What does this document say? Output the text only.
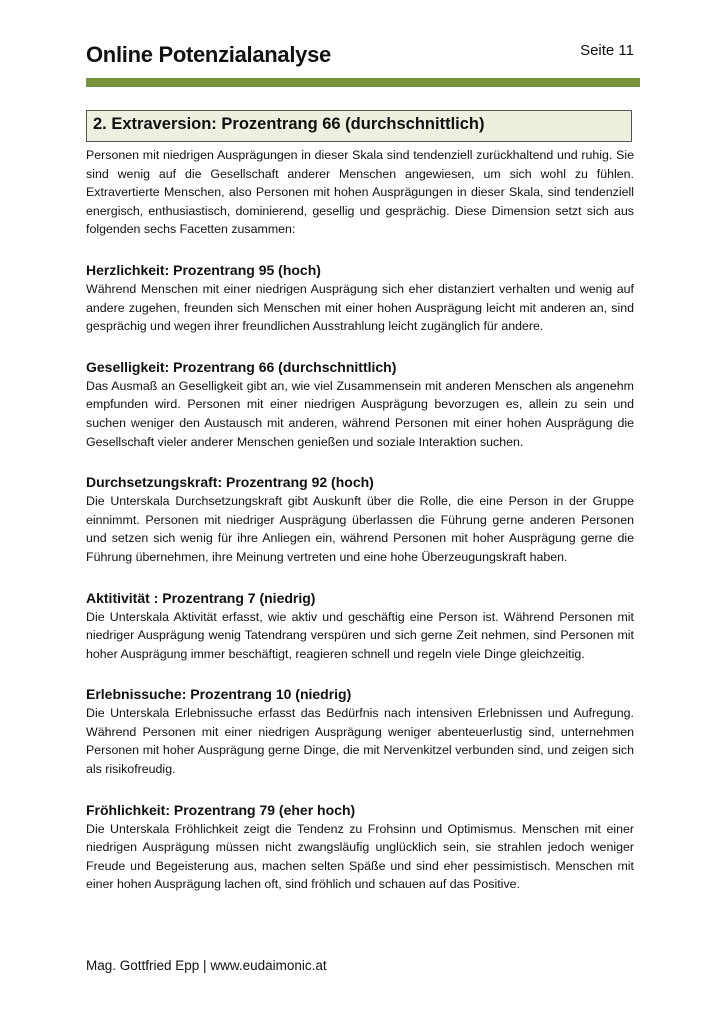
Online Potenzialanalyse	Seite 11
2. Extraversion: Prozentrang 66 (durchschnittlich)

Personen mit niedrigen Ausprägungen in dieser Skala sind tendenziell zurückhaltend und ruhig. Sie sind wenig auf die Gesellschaft anderer Menschen angewiesen, um sich wohl zu fühlen. Extravertierte Menschen, also Personen mit hohen Ausprägungen in dieser Skala, sind tendenziell energisch, enthusiastisch, dominierend, gesellig und gesprächig. Diese Dimension setzt sich aus folgenden sechs Facetten zusammen:

Herzlichkeit: Prozentrang 95 (hoch)

Während Menschen mit einer niedrigen Ausprägung sich eher distanziert verhalten und wenig auf andere zugehen, freunden sich Menschen mit einer hohen Ausprägung leicht mit anderen an, sind gesprächig und wegen ihrer freundlichen Ausstrahlung leicht zugänglich für andere.

Geselligkeit: Prozentrang 66 (durchschnittlich)

Das Ausmaß an Geselligkeit gibt an, wie viel Zusammensein mit anderen Menschen als angenehm empfunden wird. Personen mit einer niedrigen Ausprägung bevorzugen es, allein zu sein und suchen weniger den Austausch mit anderen, während Personen mit einer hohen Ausprägung die Gesellschaft vieler anderer Menschen genießen und soziale Interaktion suchen.

Durchsetzungskraft: Prozentrang 92 (hoch)

Die Unterskala Durchsetzungskraft gibt Auskunft über die Rolle, die eine Person in der Gruppe einnimmt. Personen mit niedriger Ausprägung überlassen die Führung gerne anderen Personen und setzen sich wenig für ihre Anliegen ein, während Personen mit hoher Ausprägung gerne die Führung übernehmen, ihre Meinung vertreten und eine hohe Überzeugungskraft haben.

Aktitivität : Prozentrang 7 (niedrig)

Die Unterskala Aktivität erfasst, wie aktiv und geschäftig eine Person ist. Während Personen mit niedriger Ausprägung wenig Tatendrang verspüren und sich gerne Zeit nehmen, sind Personen mit hoher Ausprägung immer beschäftigt, reagieren schnell und regeln viele Dinge gleichzeitig.

Erlebnissuche: Prozentrang 10 (niedrig)

Die Unterskala Erlebnissuche erfasst das Bedürfnis nach intensiven Erlebnissen und Aufregung. Während Personen mit einer niedrigen Ausprägung weniger abenteuerlustig sind, unternehmen Personen mit hoher Ausprägung gerne Dinge, die mit Nervenkitzel verbunden sind, und zeigen sich als risikofreudig.

Fröhlichkeit: Prozentrang 79 (eher hoch)

Die Unterskala Fröhlichkeit zeigt die Tendenz zu Frohsinn und Optimismus. Menschen mit einer niedrigen Ausprägung müssen nicht zwangsläufig unglücklich sein, sie strahlen jedoch weniger Freude und Begeisterung aus, machen selten Späße und sind eher pessimistisch. Menschen mit einer hohen Ausprägung lachen oft, sind fröhlich und schauen auf das Positive.

Mag. Gottfried Epp | www.eudaimonic.at
